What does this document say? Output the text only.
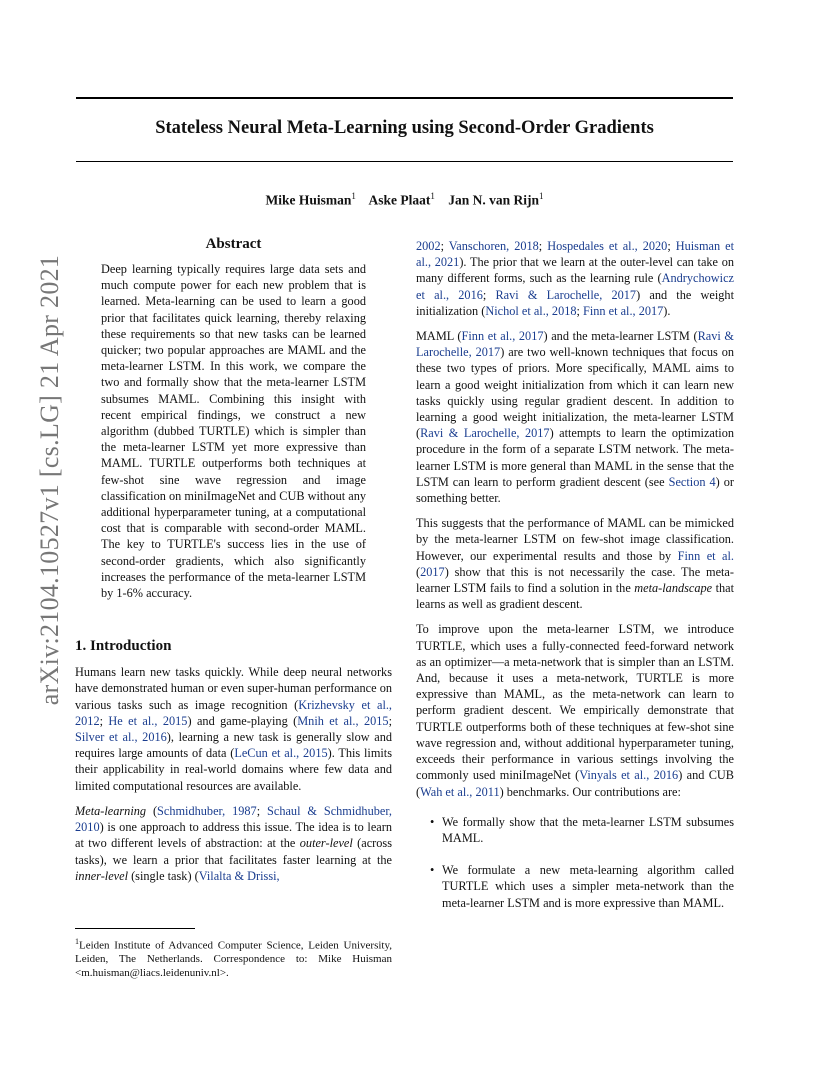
Stateless Neural Meta-Learning using Second-Order Gradients
Mike Huisman$^1$ Aske Plaat$^1$ Jan N. van Rijn$^1$
arXiv:2104.10527v1 [cs.LG] 21 Apr 2021
Abstract
Deep learning typically requires large data sets and much compute power for each new problem that is learned. Meta-learning can be used to learn a good prior that facilitates quick learning, thereby relaxing these requirements so that new tasks can be learned quicker; two popular approaches are MAML and the meta-learner LSTM. In this work, we compare the two and formally show that the meta-learner LSTM subsumes MAML. Combining this insight with recent empirical findings, we construct a new algorithm (dubbed TURTLE) which is simpler than the meta-learner LSTM yet more expressive than MAML. TURTLE outperforms both techniques at few-shot sine wave regression and image classification on miniImageNet and CUB without any additional hyperparameter tuning, at a computational cost that is comparable with second-order MAML. The key to TURTLE's success lies in the use of second-order gradients, which also significantly increases the performance of the meta-learner LSTM by 1-6% accuracy.
1. Introduction

Humans learn new tasks quickly. While deep neural networks have demonstrated human or even super-human performance on various tasks such as image recognition (Krizhevsky et al., 2012; He et al., 2015) and game-playing (Mnih et al., 2015; Silver et al., 2016), learning a new task is generally slow and requires large amounts of data (LeCun et al., 2015). This limits their applicability in real-world domains where few data and limited computational resources are available.

Meta-learning (Schmidhuber, 1987; Schaul & Schmidhuber, 2010) is one approach to address this issue. The idea is to learn at two different levels of abstraction: at the outer-level (across tasks), we learn a prior that facilitates faster learning at the inner-level (single task) (Vilalta & Drissi,

$^1$Leiden Institute of Advanced Computer Science, Leiden University, Leiden, The Netherlands. Correspondence to: Mike Huisman <m.huisman@liacs.leidenuniv.nl>.

2002; Vanschoren, 2018; Hospedales et al., 2020; Huisman et al., 2021). The prior that we learn at the outer-level can take on many different forms, such as the learning rule (Andrychowicz et al., 2016; Ravi & Larochelle, 2017) and the weight initialization (Nichol et al., 2018; Finn et al., 2017).

MAML (Finn et al., 2017) and the meta-learner LSTM (Ravi & Larochelle, 2017) are two well-known techniques that focus on these two types of priors. More specifically, MAML aims to learn a good weight initialization from which it can learn new tasks quickly using regular gradient descent. In addition to learning a good weight initialization, the meta-learner LSTM (Ravi & Larochelle, 2017) attempts to learn the optimization procedure in the form of a separate LSTM network. The meta-learner LSTM is more general than MAML in the sense that the LSTM can learn to perform gradient descent (see Section 4) or something better.

This suggests that the performance of MAML can be mimicked by the meta-learner LSTM on few-shot image classification. However, our experimental results and those by Finn et al. (2017) show that this is not necessarily the case. The meta-learner LSTM fails to find a solution in the meta-landscape that learns as well as gradient descent.

To improve upon the meta-learner LSTM, we introduce TURTLE, which uses a fully-connected feed-forward network as an optimizer—a meta-network that is simpler than an LSTM. And, because it uses a meta-network, TURTLE is more expressive than MAML, as the meta-network can learn to perform gradient descent. We empirically demonstrate that TURTLE outperforms both of these techniques at few-shot sine wave regression and, without additional hyperparameter tuning, exceeds their performance in various settings involving the commonly used miniImageNet (Vinyals et al., 2016) and CUB (Wah et al., 2011) benchmarks. Our contributions are:

• We formally show that the meta-learner LSTM subsumes MAML.
• We formulate a new meta-learning algorithm called TURTLE which uses a simpler meta-network than the meta-learner LSTM and is more expressive than MAML.
